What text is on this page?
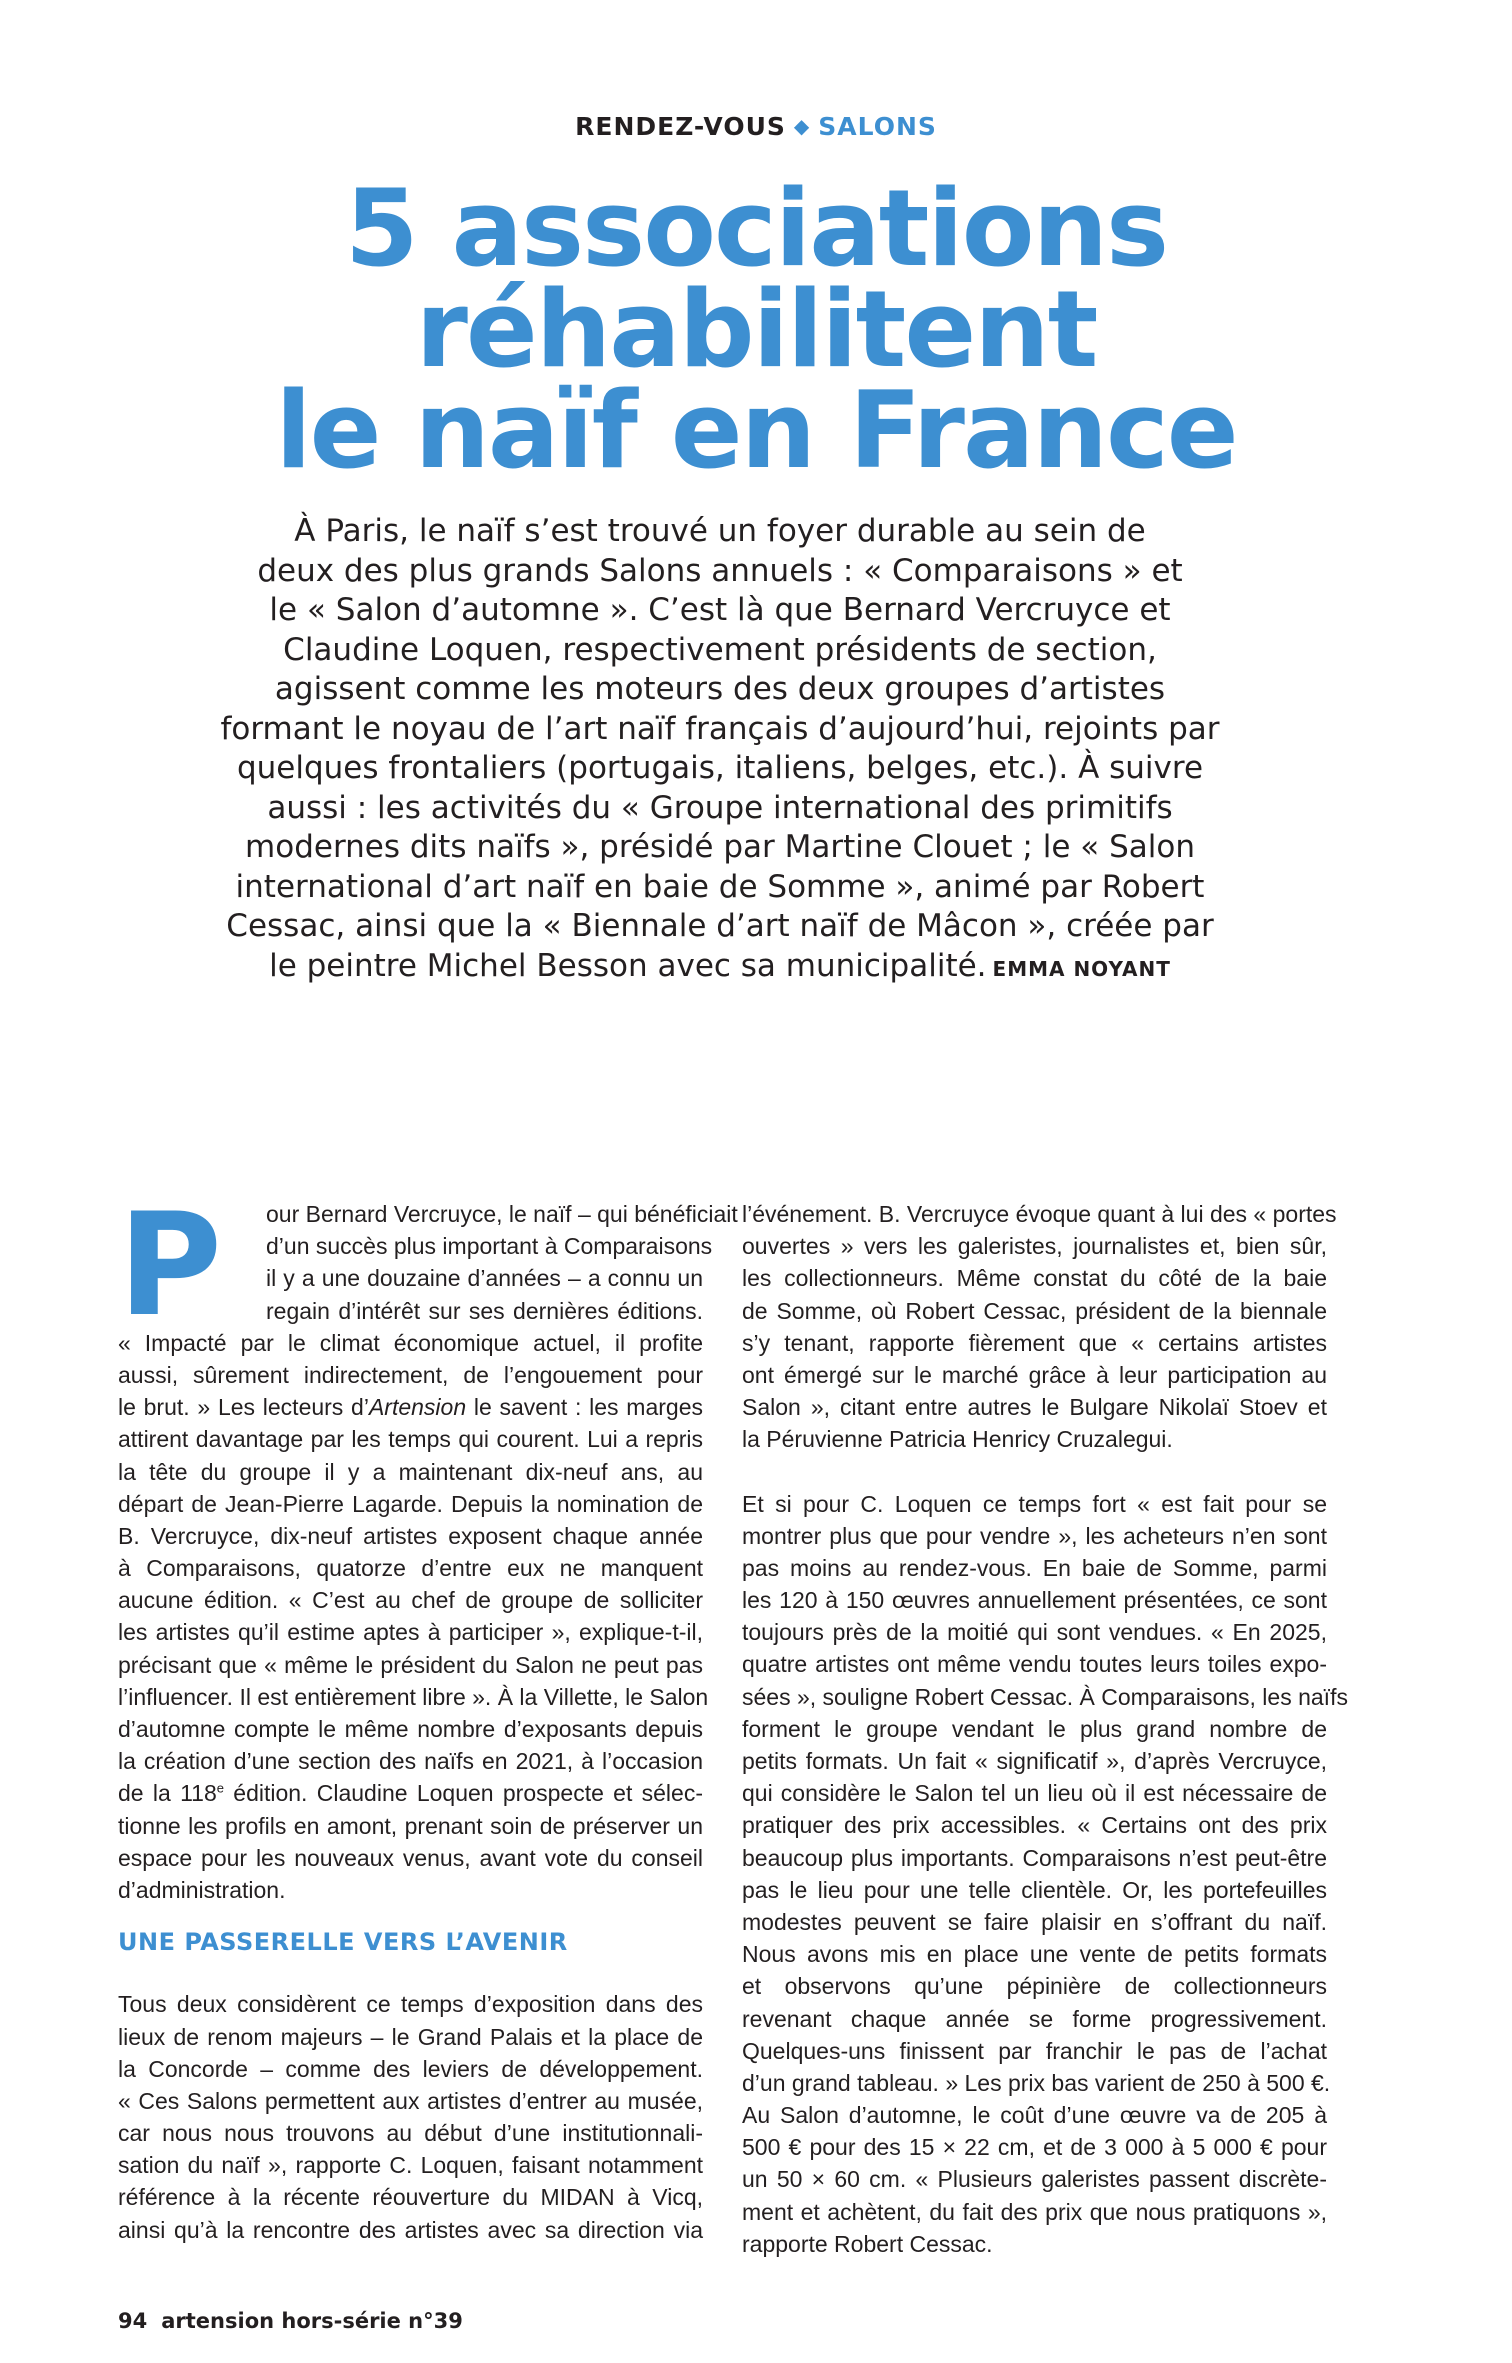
RENDEZ-VOUS ◆ SALONS
5 associations
réhabilitent
le naïf en France
À Paris, le naïf s’est trouvé un foyer durable au sein de
deux des plus grands Salons annuels : « Comparaisons » et
le « Salon d’automne ». C’est là que Bernard Vercruyce et
Claudine Loquen, respectivement présidents de section,
agissent comme les moteurs des deux groupes d’artistes
formant le noyau de l’art naïf français d’aujourd’hui, rejoints par
quelques frontaliers (portugais, italiens, belges, etc.). À suivre
aussi : les activités du « Groupe international des primitifs
modernes dits naïfs », présidé par Martine Clouet ; le « Salon
international d’art naïf en baie de Somme », animé par Robert
Cessac, ainsi que la « Biennale d’art naïf de Mâcon », créée par
le peintre Michel Besson avec sa municipalité. EMMA NOYANT
P	our Bernard Vercruyce, le naïf – qui bénéficiait
d’un succès plus important à Comparaisons
il y a une douzaine d’années – a connu un
regain d’intérêt sur ses dernières éditions.
« Impacté par le climat économique actuel, il profite
aussi, sûrement indirectement, de l’engouement pour
le brut. » Les lecteurs d’Artension le savent : les marges
attirent davantage par les temps qui courent. Lui a repris
la tête du groupe il y a maintenant dix-neuf ans, au
départ de Jean-Pierre Lagarde. Depuis la nomination de
B. Vercruyce, dix-neuf artistes exposent chaque année
à Comparaisons, quatorze d’entre eux ne manquent
aucune édition. « C’est au chef de groupe de solliciter
les artistes qu’il estime aptes à participer », explique-t-il,
précisant que « même le président du Salon ne peut pas
l’influencer. Il est entièrement libre ». À la Villette, le Salon
d’automne compte le même nombre d’exposants depuis
la création d’une section des naïfs en 2021, à l’occasion
de la 118e édition. Claudine Loquen prospecte et sélec-
tionne les profils en amont, prenant soin de préserver un
espace pour les nouveaux venus, avant vote du conseil
d’administration.
UNE PASSERELLE VERS L’AVENIR
Tous deux considèrent ce temps d’exposition dans des
lieux de renom majeurs – le Grand Palais et la place de
la Concorde – comme des leviers de développement.
« Ces Salons permettent aux artistes d’entrer au musée,
car nous nous trouvons au début d’une institutionnali-
sation du naïf », rapporte C. Loquen, faisant notamment
référence à la récente réouverture du MIDAN à Vicq,
ainsi qu’à la rencontre des artistes avec sa direction via
l’événement. B. Vercruyce évoque quant à lui des « portes
ouvertes » vers les galeristes, journalistes et, bien sûr,
les collectionneurs. Même constat du côté de la baie
de Somme, où Robert Cessac, président de la biennale
s’y tenant, rapporte fièrement que « certains artistes
ont émergé sur le marché grâce à leur participation au
Salon », citant entre autres le Bulgare Nikolaï Stoev et
la Péruvienne Patricia Henricy Cruzalegui.
Et si pour C. Loquen ce temps fort « est fait pour se
montrer plus que pour vendre », les acheteurs n’en sont
pas moins au rendez-vous. En baie de Somme, parmi
les 120 à 150 œuvres annuellement présentées, ce sont
toujours près de la moitié qui sont vendues. « En 2025,
quatre artistes ont même vendu toutes leurs toiles expo-
sées », souligne Robert Cessac. À Comparaisons, les naïfs
forment le groupe vendant le plus grand nombre de
petits formats. Un fait « significatif », d’après Vercruyce,
qui considère le Salon tel un lieu où il est nécessaire de
pratiquer des prix accessibles. « Certains ont des prix
beaucoup plus importants. Comparaisons n’est peut-être
pas le lieu pour une telle clientèle. Or, les portefeuilles
modestes peuvent se faire plaisir en s’offrant du naïf.
Nous avons mis en place une vente de petits formats
et observons qu’une pépinière de collectionneurs
revenant chaque année se forme progressivement.
Quelques-uns finissent par franchir le pas de l’achat
d’un grand tableau. » Les prix bas varient de 250 à 500 €.
Au Salon d’automne, le coût d’une œuvre va de 205 à
500 € pour des 15 × 22 cm, et de 3 000 à 5 000 € pour
un 50 × 60 cm. « Plusieurs galeristes passent discrète-
ment et achètent, du fait des prix que nous pratiquons »,
rapporte Robert Cessac.
94 artension hors-série n°39
